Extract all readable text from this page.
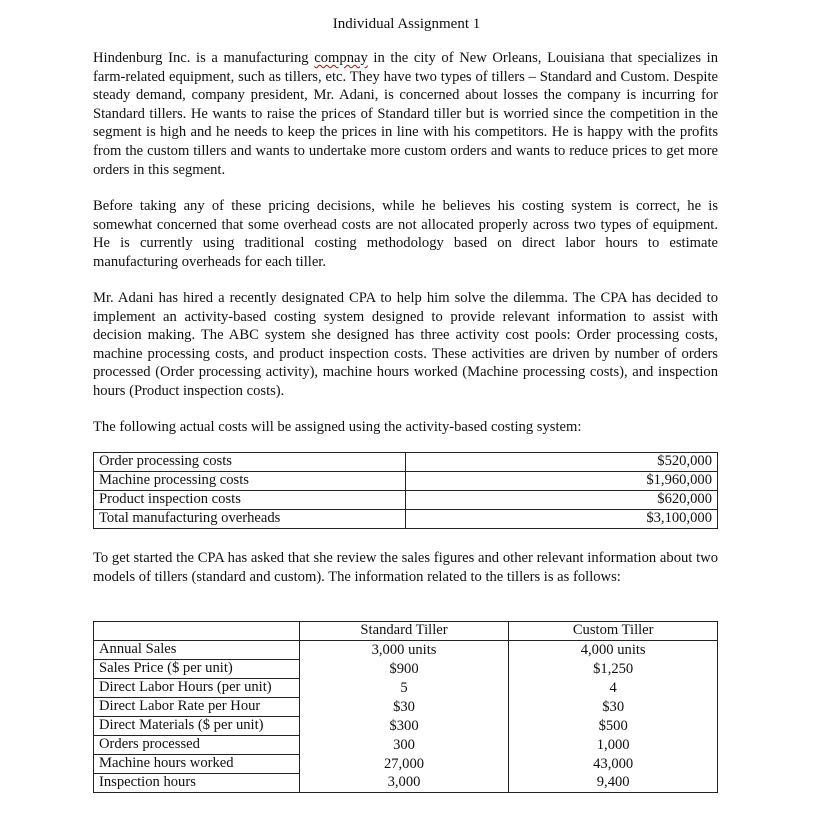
Individual Assignment 1

Hindenburg Inc. is a manufacturing compnay in the city of New Orleans, Louisiana that specializes in farm-related equipment, such as tillers, etc. They have two types of tillers – Standard and Custom. Despite steady demand, company president, Mr. Adani, is concerned about losses the company is incurring for Standard tillers. He wants to raise the prices of Standard tiller but is worried since the competition in the segment is high and he needs to keep the prices in line with his competitors. He is happy with the profits from the custom tillers and wants to undertake more custom orders and wants to reduce prices to get more orders in this segment.

Before taking any of these pricing decisions, while he believes his costing system is correct, he is somewhat concerned that some overhead costs are not allocated properly across two types of equipment. He is currently using traditional costing methodology based on direct labor hours to estimate manufacturing overheads for each tiller.

Mr. Adani has hired a recently designated CPA to help him solve the dilemma. The CPA has decided to implement an activity-based costing system designed to provide relevant information to assist with decision making. The ABC system she designed has three activity cost pools: Order processing costs, machine processing costs, and product inspection costs. These activities are driven by number of orders processed (Order processing activity), machine hours worked (Machine processing costs), and inspection hours (Product inspection costs).

The following actual costs will be assigned using the activity-based costing system:

Order processing costs	$520,000
Machine processing costs	$1,960,000
Product inspection costs	$620,000
Total manufacturing overheads	$3,100,000

To get started the CPA has asked that she review the sales figures and other relevant information about two models of tillers (standard and custom). The information related to the tillers is as follows:

	Standard Tiller	Custom Tiller
Annual Sales	3,000 units	4,000 units
Sales Price ($ per unit)	$900	$1,250
Direct Labor Hours (per unit)	5	4
Direct Labor Rate per Hour	$30	$30
Direct Materials ($ per unit)	$300	$500
Orders processed	300	1,000
Machine hours worked	27,000	43,000
Inspection hours	3,000	9,400
